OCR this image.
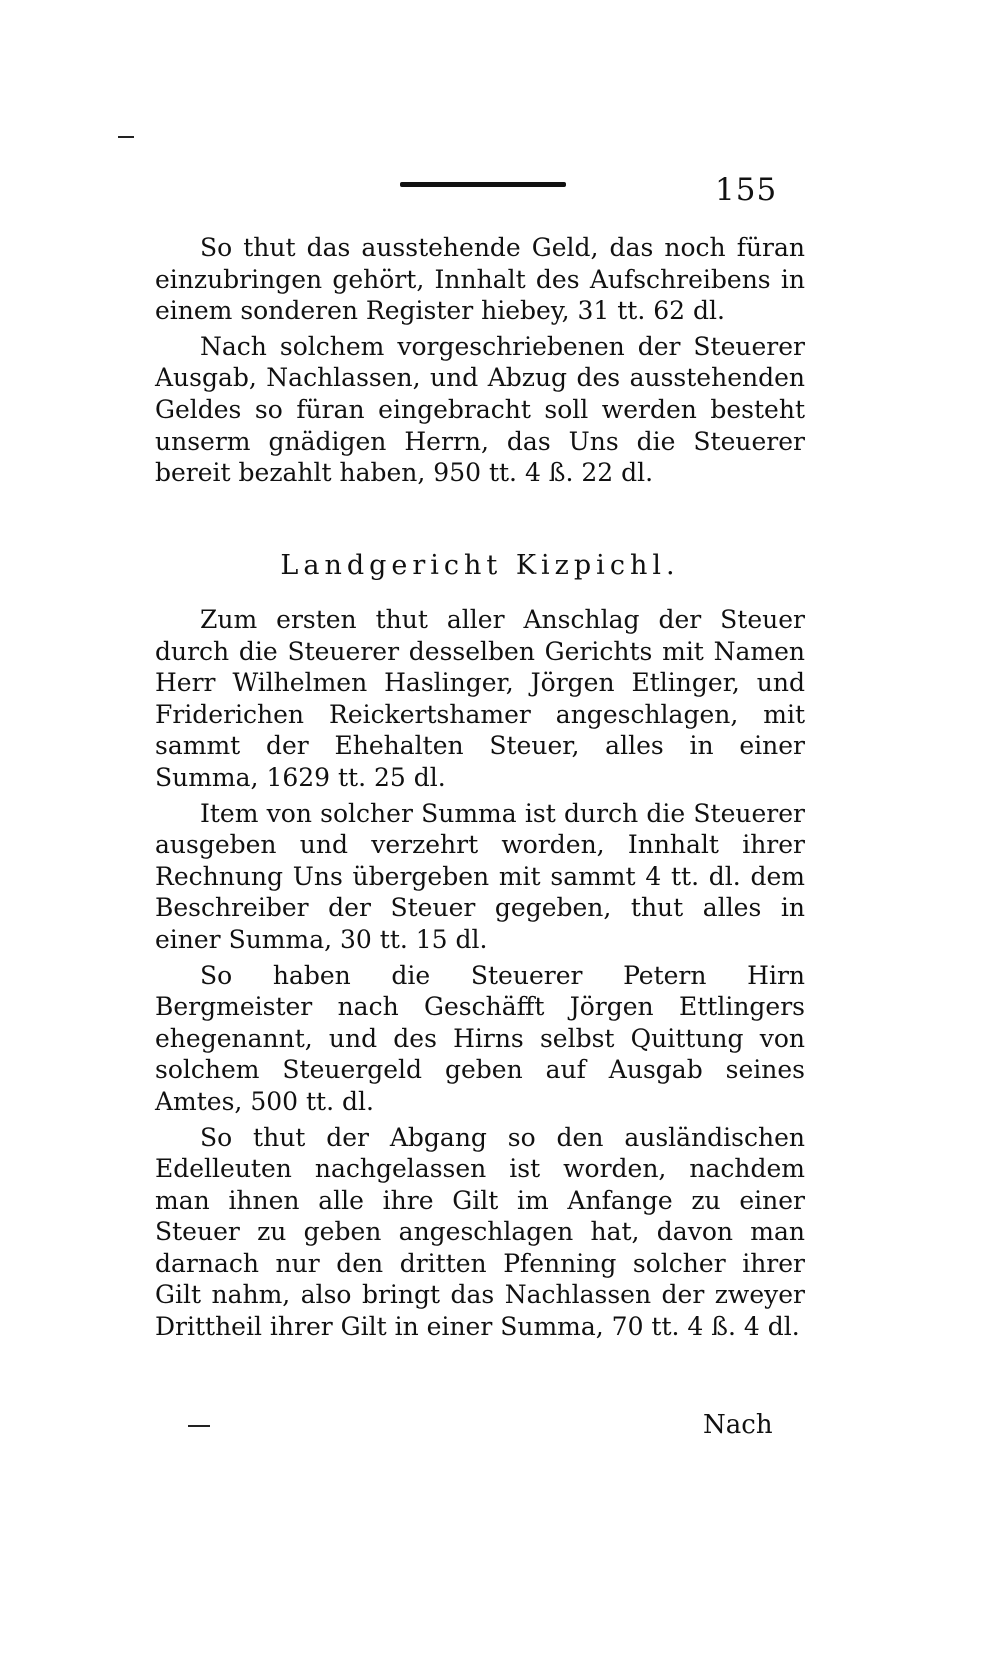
155

So thut das ausstehende Geld, das noch füran einzubringen gehört, Innhalt des Aufschreibens in einem sonderen Register hiebey, 31 tt. 62 dl.

Nach solchem vorgeschriebenen der Steuerer Ausgab, Nachlassen, und Abzug des ausstehenden Geldes so füran eingebracht soll werden besteht unserm gnädigen Herrn, das Uns die Steuerer bereit bezahlt haben, 950 tt. 4 ß. 22 dl.

Landgericht Kizpichl.

Zum ersten thut aller Anschlag der Steuer durch die Steuerer desselben Gerichts mit Namen Herr Wilhelmen Haslinger, Jörgen Etlinger, und Friderichen Reickertshamer angeschlagen, mit sammt der Ehehalten Steuer, alles in einer Summa, 1629 tt. 25 dl.

Item von solcher Summa ist durch die Steuerer ausgeben und verzehrt worden, Innhalt ihrer Rechnung Uns übergeben mit sammt 4 tt. dl. dem Beschreiber der Steuer gegeben, thut alles in einer Summa, 30 tt. 15 dl.

So haben die Steuerer Petern Hirn Bergmeister nach Geschäfft Jörgen Ettlingers ehegenannt, und des Hirns selbst Quittung von solchem Steuergeld geben auf Ausgab seines Amtes, 500 tt. dl.

So thut der Abgang so den ausländischen Edelleuten nachgelassen ist worden, nachdem man ihnen alle ihre Gilt im Anfange zu einer Steuer zu geben angeschlagen hat, davon man darnach nur den dritten Pfenning solcher ihrer Gilt nahm, also bringt das Nachlassen der zweyer Drittheil ihrer Gilt in einer Summa, 70 tt. 4 ß. 4 dl.

Nach
